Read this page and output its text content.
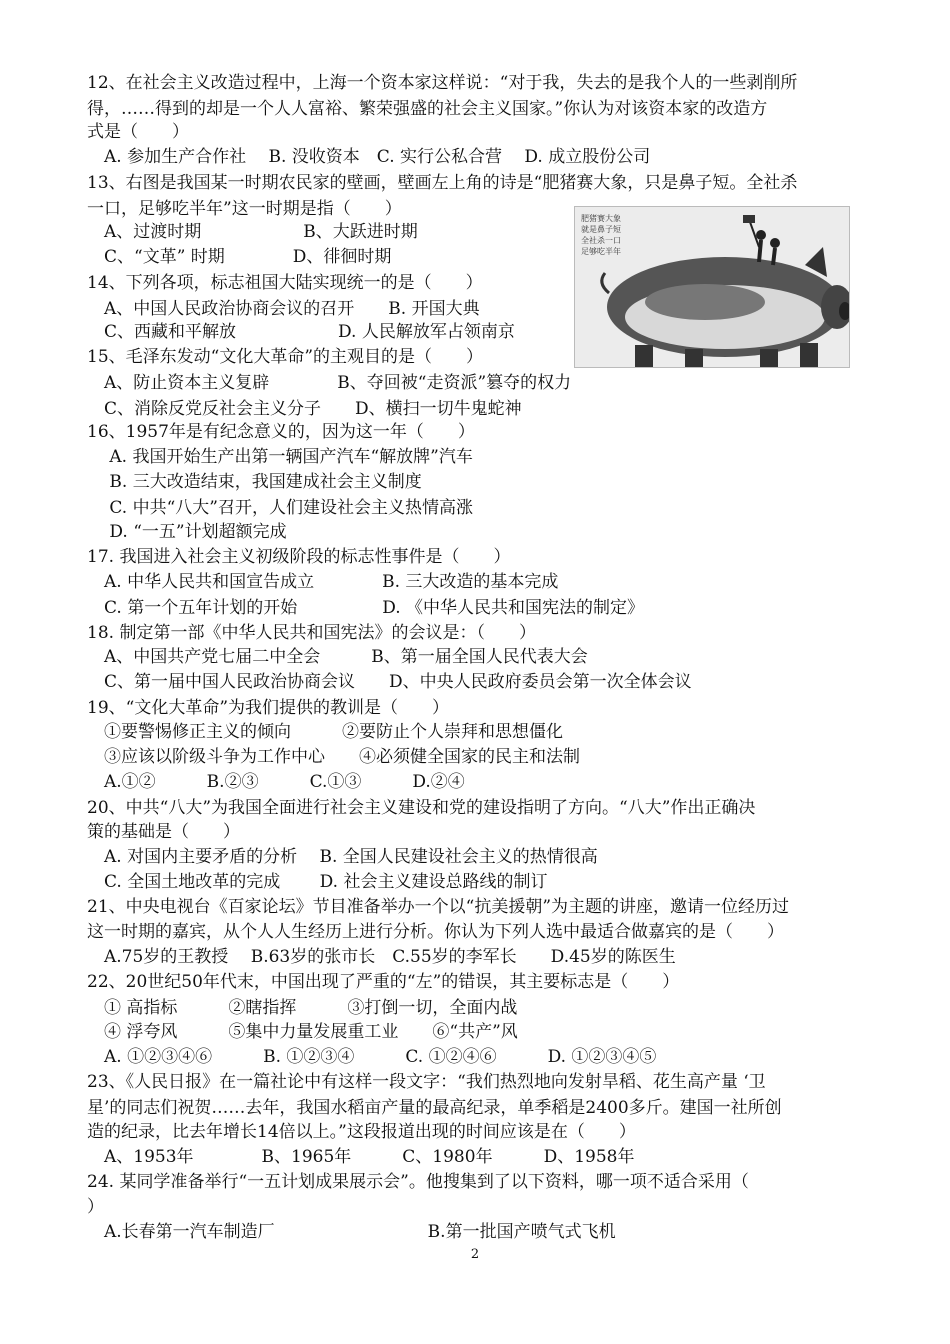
12、在社会主义改造过程中，上海一个资本家这样说：“对于我，失去的是我个人的一些剥削所
得，……得到的却是一个人人富裕、繁荣强盛的社会主义国家。”你认为对该资本家的改造方
式是（　　）
　A. 参加生产合作社　 B. 没收资本　C. 实行公私合营　 D. 成立股份公司
13、右图是我国某一时期农民家的壁画，壁画左上角的诗是“肥猪赛大象，只是鼻子短。全社杀
一口，足够吃半年”这一时期是指（　　）
　A、过渡时期　　　　　　B、大跃进时期
　C、“文革” 时期　　　　D、徘徊时期
14、下列各项，标志祖国大陆实现统一的是（　　）
　A、中国人民政治协商会议的召开　　B. 开国大典
　C、西藏和平解放　　　　　　D. 人民解放军占领南京
15、毛泽东发动“文化大革命”的主观目的是（　　）
　A、防止资本主义复辟　　　　B、夺回被“走资派”篡夺的权力
　C、消除反党反社会主义分子　　D、横扫一切牛鬼蛇神
16、1957年是有纪念意义的，因为这一年（　　）
　 A. 我国开始生产出第一辆国产汽车“解放牌”汽车
　 B. 三大改造结束，我国建成社会主义制度
　 C. 中共“八大”召开，人们建设社会主义热情高涨
　 D. “一五”计划超额完成
17. 我国进入社会主义初级阶段的标志性事件是（　　）
　A. 中华人民共和国宣告成立　　　　B. 三大改造的基本完成
　C. 第一个五年计划的开始　　　　　D. 《中华人民共和国宪法的制定》
18. 制定第一部《中华人民共和国宪法》的会议是：（　　）
　A、中国共产党七届二中全会　　　B、第一届全国人民代表大会
　C、第一届中国人民政治协商会议　　D、中央人民政府委员会第一次全体会议
19、“文化大革命”为我们提供的教训是（　　）
　①要警惕修正主义的倾向　　　②要防止个人崇拜和思想僵化
　③应该以阶级斗争为工作中心　　④必须健全国家的民主和法制
　A.①②　　　B.②③　　　C.①③　　　D.②④
20、中共“八大”为我国全面进行社会主义建设和党的建设指明了方向。“八大”作出正确决
策的基础是（　　）
　A. 对国内主要矛盾的分析　 B. 全国人民建设社会主义的热情很高
　C. 全国土地改革的完成　　 D. 社会主义建设总路线的制订
21、中央电视台《百家论坛》节目准备举办一个以“抗美援朝”为主题的讲座，邀请一位经历过
这一时期的嘉宾，从个人人生经历上进行分析。你认为下列人选中最适合做嘉宾的是（　　）
　A.75岁的王教授　 B.63岁的张市长　C.55岁的李军长　　D.45岁的陈医生
22、20世纪50年代末，中国出现了严重的“左”的错误，其主要标志是（　　）
　① 高指标　　　②瞎指挥　　　③打倒一切，全面内战
　④ 浮夸风　　　⑤集中力量发展重工业　　⑥“共产”风
　A. ①②③④⑥　　　B. ①②③④　　　C. ①②④⑥　　　D. ①②③④⑤
23、《人民日报》在一篇社论中有这样一段文字：“我们热烈地向发射旱稻、花生高产量 ‘卫
星’的同志们祝贺……去年，我国水稻亩产量的最高纪录，单季稻是2400多斤。建国一社所创
造的纪录，比去年增长14倍以上。”这段报道出现的时间应该是在（　　）
　A、1953年　　　　B、1965年　　　C、1980年　　　D、1958年
24. 某同学准备举行“一五计划成果展示会”。他搜集到了以下资料，哪一项不适合采用（
）
　A.长春第一汽车制造厂　　　　　　　　　B.第一批国产喷气式飞机
肥猪赛大象
就是鼻子短
全社杀一口
足够吃半年
2
